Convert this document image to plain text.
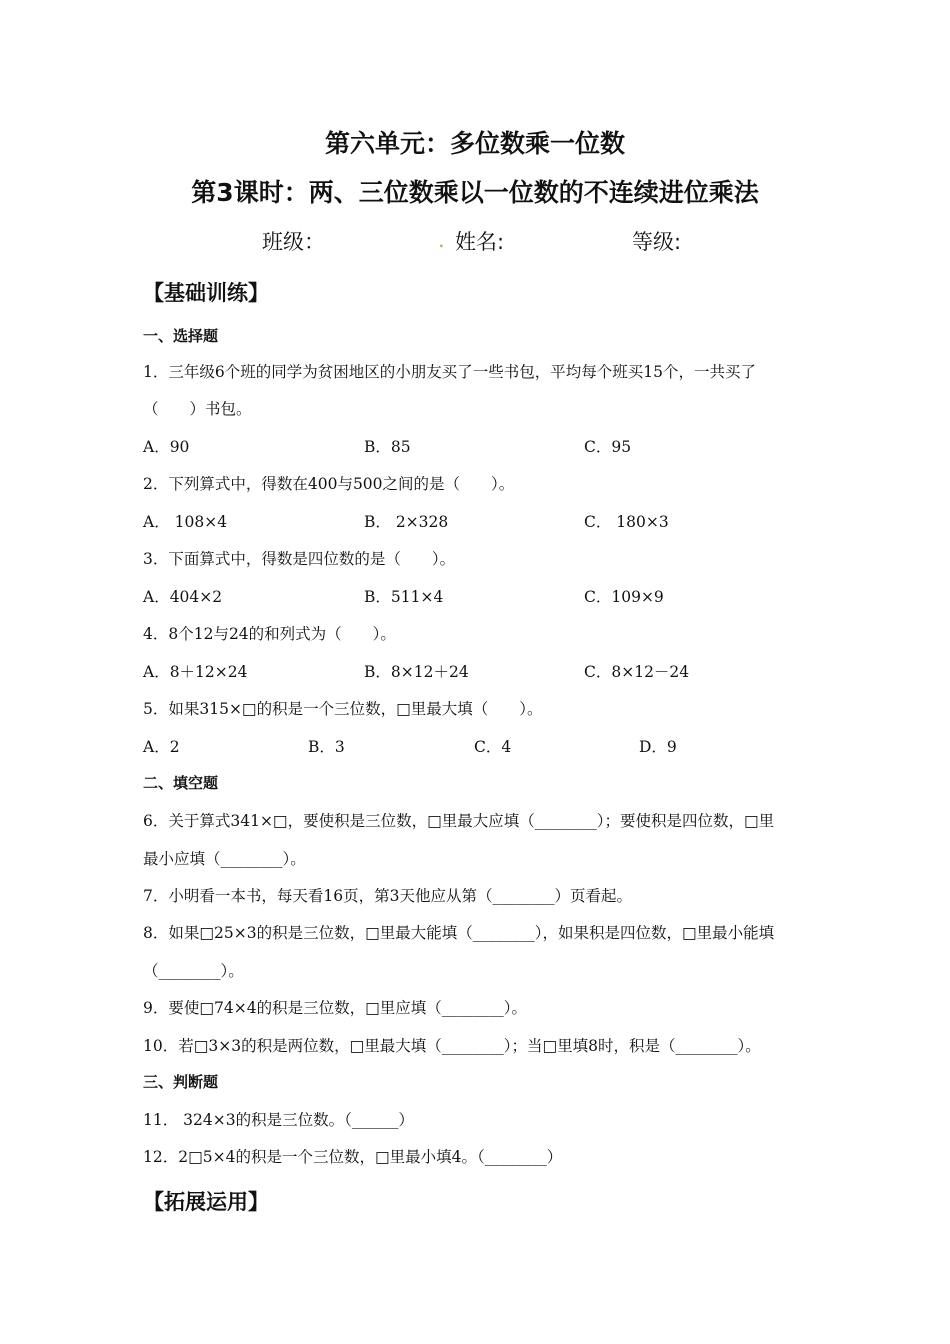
第六单元：多位数乘一位数
第3课时：两、三位数乘以一位数的不连续进位乘法
班级：	. 姓名:	等级:
【基础训练】
一、选择题
1．三年级6个班的同学为贫困地区的小朋友买了一些书包，平均每个班买15个，一共买了
（　　）书包。
A．90	B．85	C．95
2．下列算式中，得数在400与500之间的是（　　）。
A． 108×4	B． 2×328	C． 180×3
3．下面算式中，得数是四位数的是（　　）。
A．404×2	B．511×4	C．109×9
4．8个12与24的和列式为（　　）。
A．8＋12×24	B．8×12＋24	C．8×12－24
5．如果315×□的积是一个三位数，□里最大填（　　）。
A．2	B．3	C．4	D．9
二、填空题
6．关于算式341×□，要使积是三位数，□里最大应填（________）；要使积是四位数，□里
最小应填（________）。
7．小明看一本书，每天看16页，第3天他应从第（________）页看起。
8．如果□25×3的积是三位数，□里最大能填（________），如果积是四位数，□里最小能填
（________）。
9．要使□74×4的积是三位数，□里应填（________）。
10．若□3×3的积是两位数，□里最大填（________）；当□里填8时，积是（________）。
三、判断题
11． 324×3的积是三位数。（______）
12．2□5×4的积是一个三位数，□里最小填4。（________）
【拓展运用】
